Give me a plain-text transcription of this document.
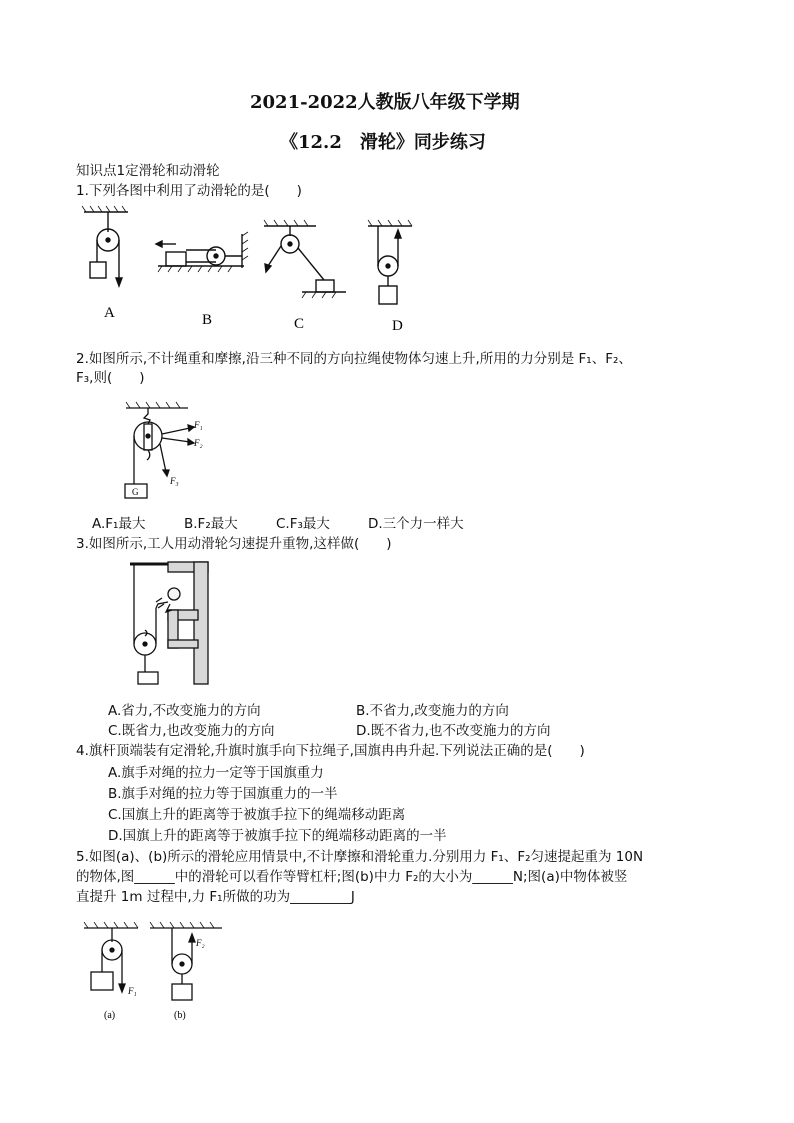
2021-2022人教版八年级下学期
《12.2　滑轮》同步练习
知识点1定滑轮和动滑轮
1.下列各图中利用了动滑轮的是(　　)
A	B	C	D
2.如图所示,不计绳重和摩擦,沿三种不同的方向拉绳使物体匀速上升,所用的力分别是 F₁、F₂、
F₃,则(　　)
F₁
F₂
F₃
G
A.F₁最大	B.F₂最大	C.F₃最大	D.三个力一样大
3.如图所示,工人用动滑轮匀速提升重物,这样做(　　)
A.省力,不改变施力的方向	B.不省力,改变施力的方向
C.既省力,也改变施力的方向	D.既不省力,也不改变施力的方向
4.旗杆顶端装有定滑轮,升旗时旗手向下拉绳子,国旗冉冉升起.下列说法正确的是(　　)
A.旗手对绳的拉力一定等于国旗重力
B.旗手对绳的拉力等于国旗重力的一半
C.国旗上升的距离等于被旗手拉下的绳端移动距离
D.国旗上升的距离等于被旗手拉下的绳端移动距离的一半
5.如图(a)、(b)所示的滑轮应用情景中,不计摩擦和滑轮重力.分别用力 F₁、F₂匀速提起重为 10N
的物体,图______中的滑轮可以看作等臂杠杆;图(b)中力 F₂的大小为______N;图(a)中物体被竖
直提升 1m 过程中,力 F₁所做的功为_________J
F₁
F₂
(a)	(b)
